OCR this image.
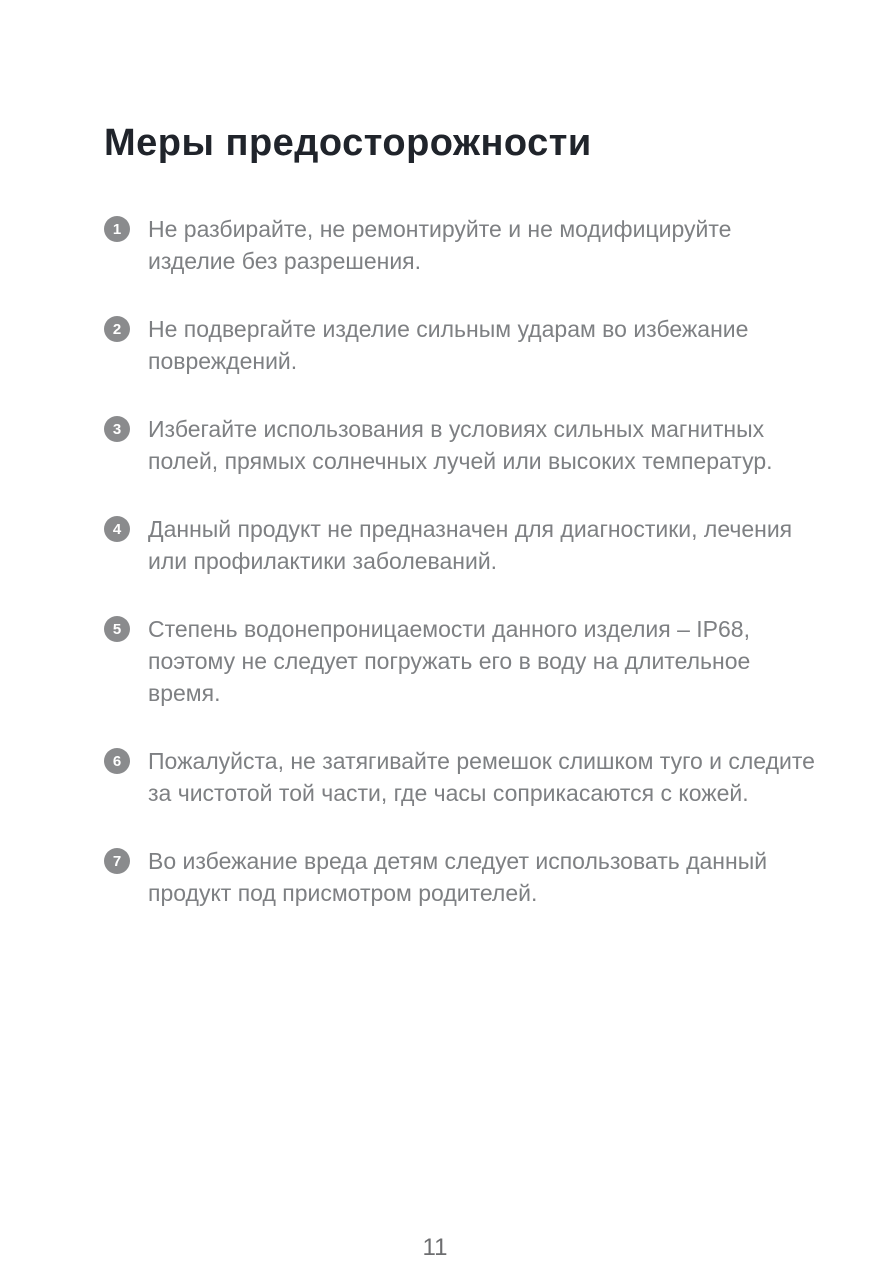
Меры предосторожности
1 Не разбирайте, не ремонтируйте и не модифицируйте изделие без разрешения.

2 Не подвергайте изделие сильным ударам во избежание повреждений.

3 Избегайте использования в условиях сильных магнитных полей, прямых солнечных лучей или высоких температур.

4 Данный продукт не предназначен для диагностики, лечения или профилактики заболеваний.

5 Степень водонепроницаемости данного изделия – IP68, поэтому не следует погружать его в воду на длительное время.

6 Пожалуйста, не затягивайте ремешок слишком туго и следите за чистотой той части, где часы соприкасаются с кожей.

7 Во избежание вреда детям следует использовать данный продукт под присмотром родителей.

11
